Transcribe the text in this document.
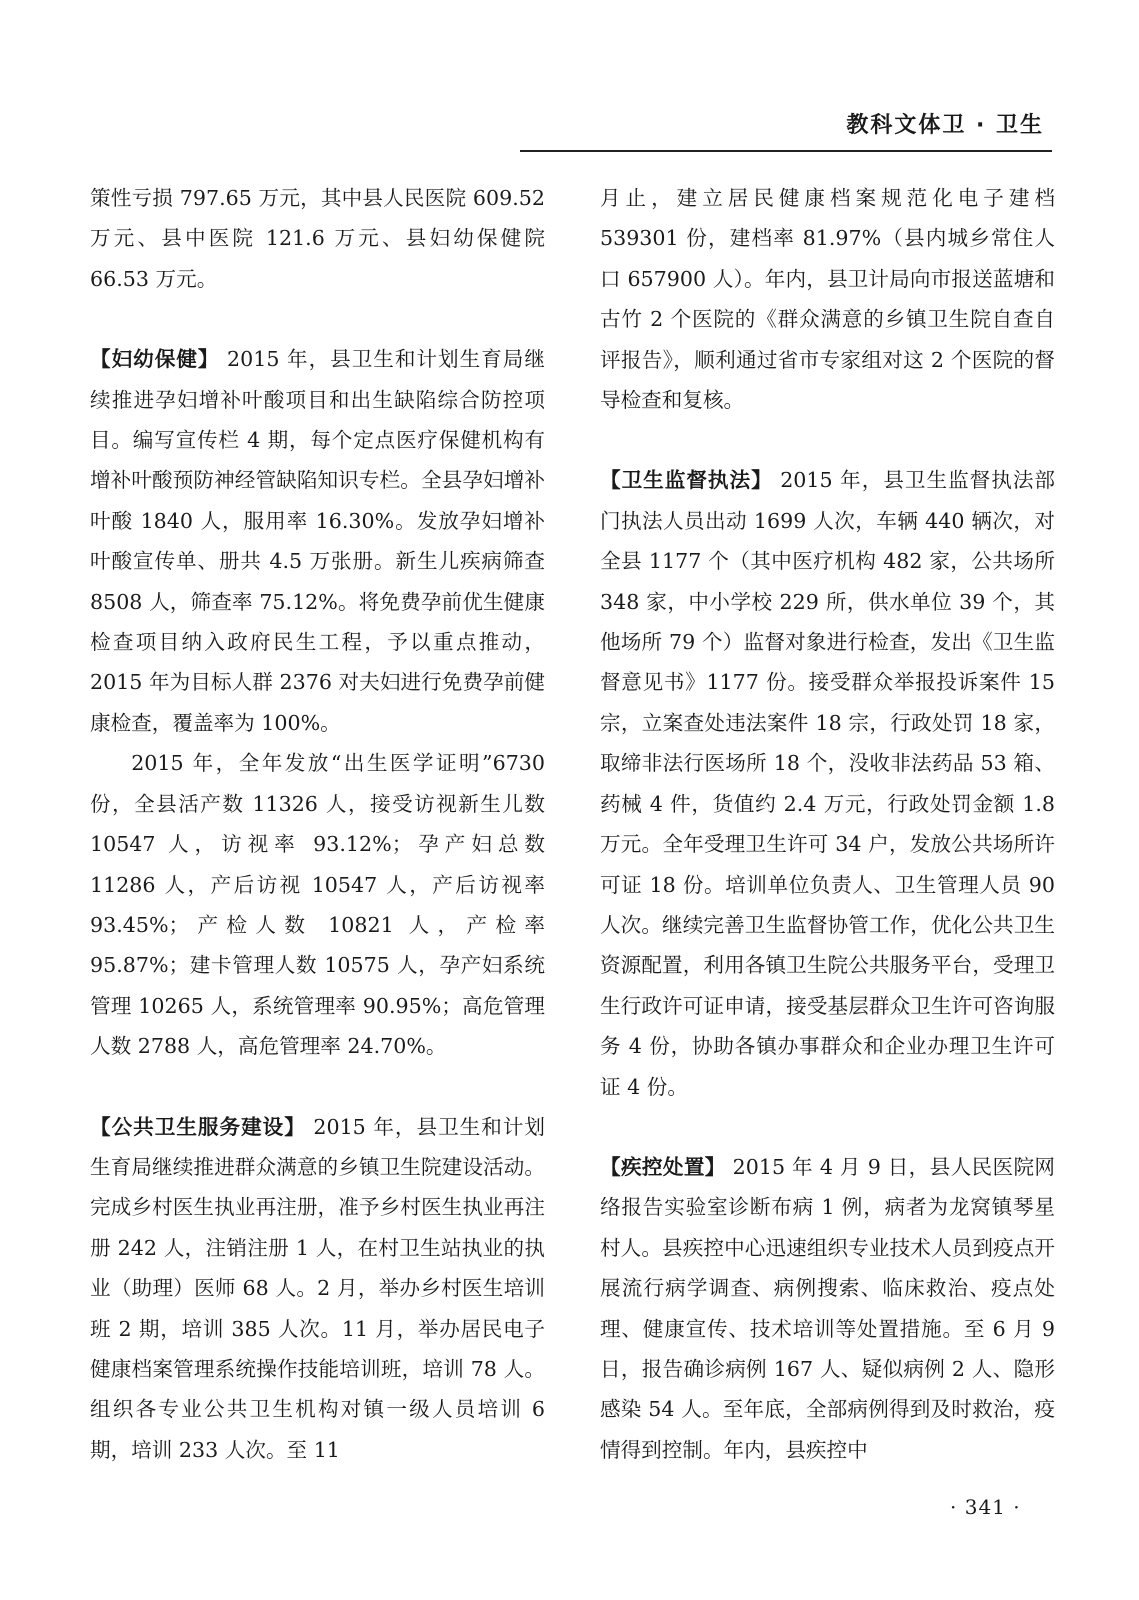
教科文体卫 · 卫生

策性亏损 797.65 万元，其中县人民医院 609.52万元、县中医院 121.6 万元、县妇幼保健院 66.53 万元。

【妇幼保健】 2015 年，县卫生和计划生育局继续推进孕妇增补叶酸项目和出生缺陷综合防控项目。编写宣传栏 4 期，每个定点医疗保健机构有增补叶酸预防神经管缺陷知识专栏。全县孕妇增补叶酸 1840 人，服用率 16.30%。发放孕妇增补叶酸宣传单、册共 4.5 万张册。新生儿疾病筛查 8508 人，筛查率 75.12%。将免费孕前优生健康检查项目纳入政府民生工程，予以重点推动，2015 年为目标人群 2376 对夫妇进行免费孕前健康检查，覆盖率为 100%。

2015 年，全年发放“出生医学证明”6730 份，全县活产数 11326 人，接受访视新生儿数 10547 人，访视率 93.12%；孕产妇总数 11286 人，产后访视 10547 人，产后访视率 93.45%；产检人数 10821 人，产检率 95.87%；建卡管理人数 10575 人，孕产妇系统管理 10265 人，系统管理率 90.95%；高危管理人数 2788 人，高危管理率 24.70%。

【公共卫生服务建设】 2015 年，县卫生和计划生育局继续推进群众满意的乡镇卫生院建设活动。完成乡村医生执业再注册，准予乡村医生执业再注册 242 人，注销注册 1 人，在村卫生站执业的执业（助理）医师 68 人。2 月，举办乡村医生培训班 2 期，培训 385 人次。11 月，举办居民电子健康档案管理系统操作技能培训班，培训 78 人。组织各专业公共卫生机构对镇一级人员培训 6 期，培训 233 人次。至 11

月止，建立居民健康档案规范化电子建档 539301 份，建档率 81.97%（县内城乡常住人口 657900 人）。年内，县卫计局向市报送蓝塘和古竹 2 个医院的《群众满意的乡镇卫生院自查自评报告》，顺利通过省市专家组对这 2 个医院的督导检查和复核。

【卫生监督执法】 2015 年，县卫生监督执法部门执法人员出动 1699 人次，车辆 440 辆次，对全县 1177 个（其中医疗机构 482 家，公共场所 348 家，中小学校 229 所，供水单位 39 个，其他场所 79 个）监督对象进行检查，发出《卫生监督意见书》1177 份。接受群众举报投诉案件 15 宗，立案查处违法案件 18 宗，行政处罚 18 家，取缔非法行医场所 18 个，没收非法药品 53 箱、药械 4 件，货值约 2.4 万元，行政处罚金额 1.8 万元。全年受理卫生许可 34 户，发放公共场所许可证 18 份。培训单位负责人、卫生管理人员 90 人次。继续完善卫生监督协管工作，优化公共卫生资源配置，利用各镇卫生院公共服务平台，受理卫生行政许可证申请，接受基层群众卫生许可咨询服务 4 份，协助各镇办事群众和企业办理卫生许可证 4 份。

【疾控处置】 2015 年 4 月 9 日，县人民医院网络报告实验室诊断布病 1 例，病者为龙窝镇琴星村人。县疾控中心迅速组织专业技术人员到疫点开展流行病学调查、病例搜索、临床救治、疫点处理、健康宣传、技术培训等处置措施。至 6 月 9 日，报告确诊病例 167 人、疑似病例 2 人、隐形感染 54 人。至年底，全部病例得到及时救治，疫情得到控制。年内，县疾控中

· 341 ·
